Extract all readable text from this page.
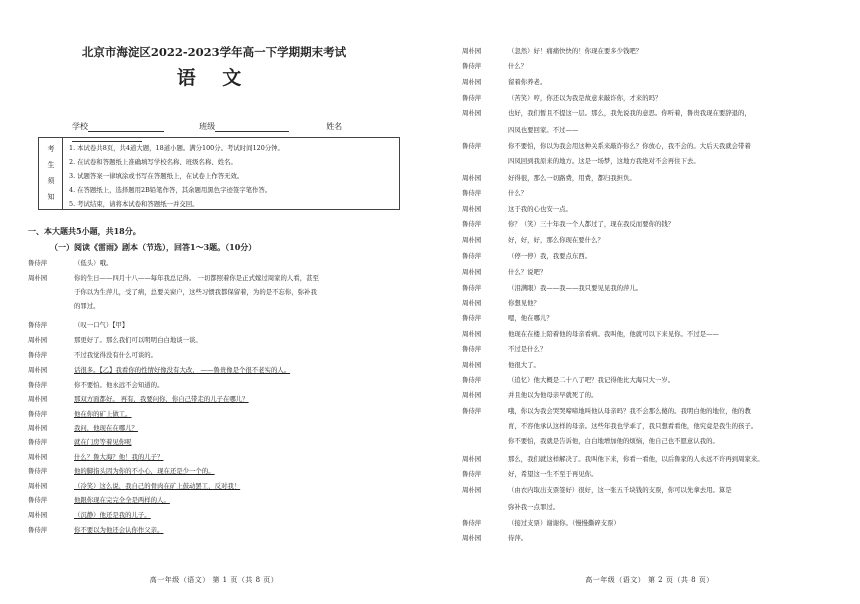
北京市海淀区2022-2023学年高一下学期期末考试
语 文
学校	班级	姓名
考
生
须
知
1. 本试卷共8页，共4道大题，18道小题。满分100分。考试时间120分钟。
2. 在试卷和答题纸上准确填写学校名称、班级名称、姓名。
3. 试题答案一律填涂或书写在答题纸上，在试卷上作答无效。
4. 在答题纸上，选择题用2B铅笔作答，其余题用黑色字迹签字笔作答。
5. 考试结束，请将本试卷和答题纸一并交回。
一、本大题共5小题，共18分。
（一）阅读《雷雨》剧本（节选），回答1～3题。（10分）
鲁侍萍	（低头）哦。
周朴园	你的生日——四月十八——每年我总记得。 一切都照着你是正式嫁过周家的人看，甚至
于你以为生萍儿，受了病，总要关窗户，这些习惯我都保留着，为的是不忘你，弥补我
的罪过。
鲁侍萍	（叹一口气）【甲】
周朴园	那更好了。那么我们可以明明白白地谈一谈。
鲁侍萍	不过我觉得没有什么可谈的。
周朴园	话很多。【乙】我看你的性情好像没有大改， ——鲁贵像是个很不老实的人。
鲁侍萍	你不要怕。他永远不会知道的。
周朴园	那双方面都好。 再有，我要问你，你自己带走的儿子在哪儿？
鲁侍萍	他在你的矿上做工。
周朴园	我问，他现在在哪儿？
鲁侍萍	就在门房等着见你呢
周朴园	什么？鲁大海？他！我的儿子？
鲁侍萍	他的脚指头因为你的不小心，现在还是少一个的。
周朴园	（冷笑）这么说，我自己的骨肉在矿上鼓动罢工，反对我！
鲁侍萍	他跟你现在完完全全是两样的人。
周朴园	（沉静）他还是我的儿子。
鲁侍萍	你不要以为他还会认你作父亲。
高一年级（语文） 第 1 页（共 8 页）
周朴园	（忽然）好！痛痛快快的！你现在要多少钱吧？
鲁侍萍	什么？
周朴园	留着你养老。
鲁侍萍	（苦笑）哼，你还以为我是故意来敲诈你，才来的吗？
周朴园	也好，我们暂且不提这一层。那么，我先说我的意思。你听着，鲁贵我现在要辞退的，
四凤也要回家。不过——
鲁侍萍	你不要怕，你以为我会用这种关系来敲诈你么？你放心，我不会的。大后天我就会带着
四凤回到我原来的地方。这是一场梦，这地方我绝对不会再住下去。
周朴园	好得很，那么一切路费，用费，都归我担负。
鲁侍萍	什么？
周朴园	这于我的心也安一点。
鲁侍萍	你？（笑）三十年我一个人都过了，现在我反而要你的钱？
周朴园	好，好，好，那么你现在要什么？
鲁侍萍	（停一停）我，我要点东西。
周朴园	什么？说吧？
鲁侍萍	（泪满眼）我——我——我只要见见我的萍儿。
周朴园	你想见他？
鲁侍萍	嗯，他在哪儿？
周朴园	他现在在楼上陪着他的母亲看病。我叫他，他就可以下来见你。不过是——
鲁侍萍	不过是什么？
周朴园	他很大了。
鲁侍萍	（追忆）他大概是二十八了吧？我记得他比大海只大一岁。
周朴园	并且他以为他母亲早就死了的。
鲁侍萍	哦，你以为我会哭哭啼啼地叫他认母亲吗？我不会那么傻的。我明白他的地位，他的教
育，不容他承认这样的母亲。这些年我也学乖了，我只想看看他，他究竟是我生的孩子。
你不要怕，我就是告诉他，白白地增加他的烦恼，他自己也不愿意认我的。
周朴园	那么，我们就这样解决了。我叫他下来，你看一看他，以后鲁家的人永远不许再到周家来。
鲁侍萍	好，希望这一生不至于再见你。
周朴园	（由衣内取出支票签好）很好，这一张五千块钱的支票，你可以先拿去用。算是
弥补我一点罪过。
鲁侍萍	（接过支票）谢谢你。（慢慢撕碎支票）
周朴园	侍萍。
高一年级（语文） 第 2 页（共 8 页）
